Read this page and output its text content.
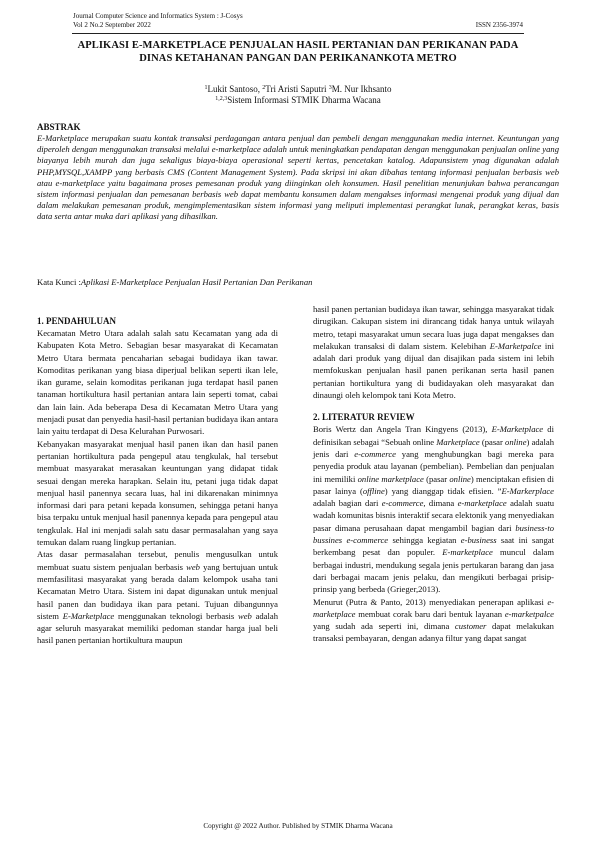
Journal Computer Science and Informatics System : J-Cosys
Vol 2 No.2 September 2022	ISSN 2356-3974
APLIKASI E-MARKETPLACE PENJUALAN HASIL PERTANIAN DAN PERIKANAN PADA
DINAS KETAHANAN PANGAN DAN PERIKANANKOTA METRO
$^1$Lukit Santoso, $^2$Tri Aristi Saputri $^3$M. Nur Ikhsanto
$^{1,2,3}$Sistem Informasi STMIK Dharma Wacana
ABSTRAK
E-Marketplace merupakan suatu kontak transaksi perdagangan antara penjual dan pembeli dengan menggunakan media internet. Keuntungan yang diperoleh dengan menggunakan transaksi melalui e-marketplace adalah untuk meningkatkan pendapatan dengan menggunakan penjualan online yang biayanya lebih murah dan juga sekaligus biaya-biaya operasional seperti kertas, pencetakan katalog. Adapunsistem ynag digunakan adalah PHP,MYSQL,XAMPP yang berbasis CMS (Content Management System). Pada skripsi ini akan dibahas tentang informasi penjualan berbasis web atau e-marketplace yaitu bagaimana proses pemesanan produk yang diinginkan oleh konsumen. Hasil penelitian menunjukan bahwa perancangan sistem informasi penjualan dan pemesanan berbasis web dapat membantu konsumen dalam mengakses informasi mengenai produk yang dijual dan dalam melakukan pemesanan produk, mengimplementasikan sistem informasi yang meliputi implementasi perangkat lunak, perangkat keras, basis data serta antar muka dari aplikasi yang dihasilkan.
Kata Kunci :Aplikasi E-Marketplace Penjualan Hasil Pertanian Dan Perikanan

1. PENDAHULUAN

Kecamatan Metro Utara adalah salah satu Kecamatan yang ada di Kabupaten Kota Metro. Sebagian besar masyarakat di Kecamatan Metro Utara bermata pencaharian sebagai budidaya ikan tawar. Komoditas perikanan yang biasa diperjual belikan seperti ikan lele, ikan gurame, selain komoditas perikanan juga terdapat hasil panen tanaman hortikultura hasil pertanian antara lain seperti tomat, cabai dan lain lain. Ada beberapa Desa di Kecamatan Metro Utara yang menjadi pusat dan penyedia hasil-hasil pertanian budidaya ikan antara lain yaitu terdapat di Desa Kelurahan Purwosari.

Kebanyakan masyarakat menjual hasil panen ikan dan hasil panen pertanian hortikultura pada pengepul atau tengkulak, hal tersebut membuat masyarakat merasakan keuntungan yang didapat tidak sesuai dengan mereka harapkan. Selain itu, petani juga tidak dapat menjual hasil panennya secara luas, hal ini dikarenakan minimnya informasi dari para petani kepada konsumen, sehingga petani hanya bisa terpaku untuk menjual hasil panennya kepada para pengepul atau tengkulak. Hal ini menjadi salah satu dasar permasalahan yang saya temukan dalam ruang lingkup pertanian.

Atas dasar permasalahan tersebut, penulis mengusulkan untuk membuat suatu sistem penjualan berbasis web yang bertujuan untuk memfasilitasi masyarakat yang berada dalam kelompok usaha tani Kecamatan Metro Utara. Sistem ini dapat digunakan untuk menjual hasil panen dan budidaya ikan para petani. Tujuan dibangunnya sistem E-Marketplace menggunakan teknologi berbasis web adalah agar seluruh masyarakat memiliki pedoman standar harga jual beli hasil panen pertanian hortikultura maupun

hasil panen pertanian budidaya ikan tawar, sehingga masyarakat tidak dirugikan. Cakupan sistem ini dirancang tidak hanya untuk wilayah metro, tetapi masyarakat umun secara luas juga dapat mengakses dan melakukan transaksi di dalam sistem. Kelebihan E-Marketpalce ini adalah dari produk yang dijual dan disajikan pada sistem ini lebih memfokuskan penjualan hasil panen perikanan serta hasil panen pertanian hortikultura yang di budidayakan oleh masyarakat dan dinaungi oleh kelompok tani Kota Metro.

2. LITERATUR REVIEW

Boris Wertz dan Angela Tran Kingyens (2013), E-Marketplace di definisikan sebagai “Sebuah online Marketplace (pasar online) adalah jenis dari e-commerce yang menghubungkan bagi mereka para penyedia produk atau layanan (pembelian). Pembelian dan penjualan ini memiliki online marketplace (pasar online) menciptakan efisien di pasar lainya (offline) yang dianggap tidak efisien. ”E-Markerplace adalah bagian dari e-commerce, dimana e-marketplace adalah suatu wadah komunitas bisnis interaktif secara elektonik yang menyediakan pasar dimana perusahaan dapat mengambil bagian dari business-to bussines e-commerce sehingga kegiatan e-business saat ini sangat berkembang pesat dan populer. E-marketplace muncul dalam berbagai industri, mendukung segala jenis pertukaran barang dan jasa dari berbagai macam jenis pelaku, dan mengikuti berbagai prisip-prinsip yang berbeda (Grieger,2013).

Menurut (Putra & Panto, 2013) menyediakan penerapan aplikasi e- marketplace membuat corak baru dari bentuk layanan e-marketpalce yang sudah ada seperti ini, dimana customer dapat melakukan transaksi pembayaran, dengan adanya filtur yang dapat sangat

Copyright @ 2022 Author. Published by STMIK Dharma Wacana
